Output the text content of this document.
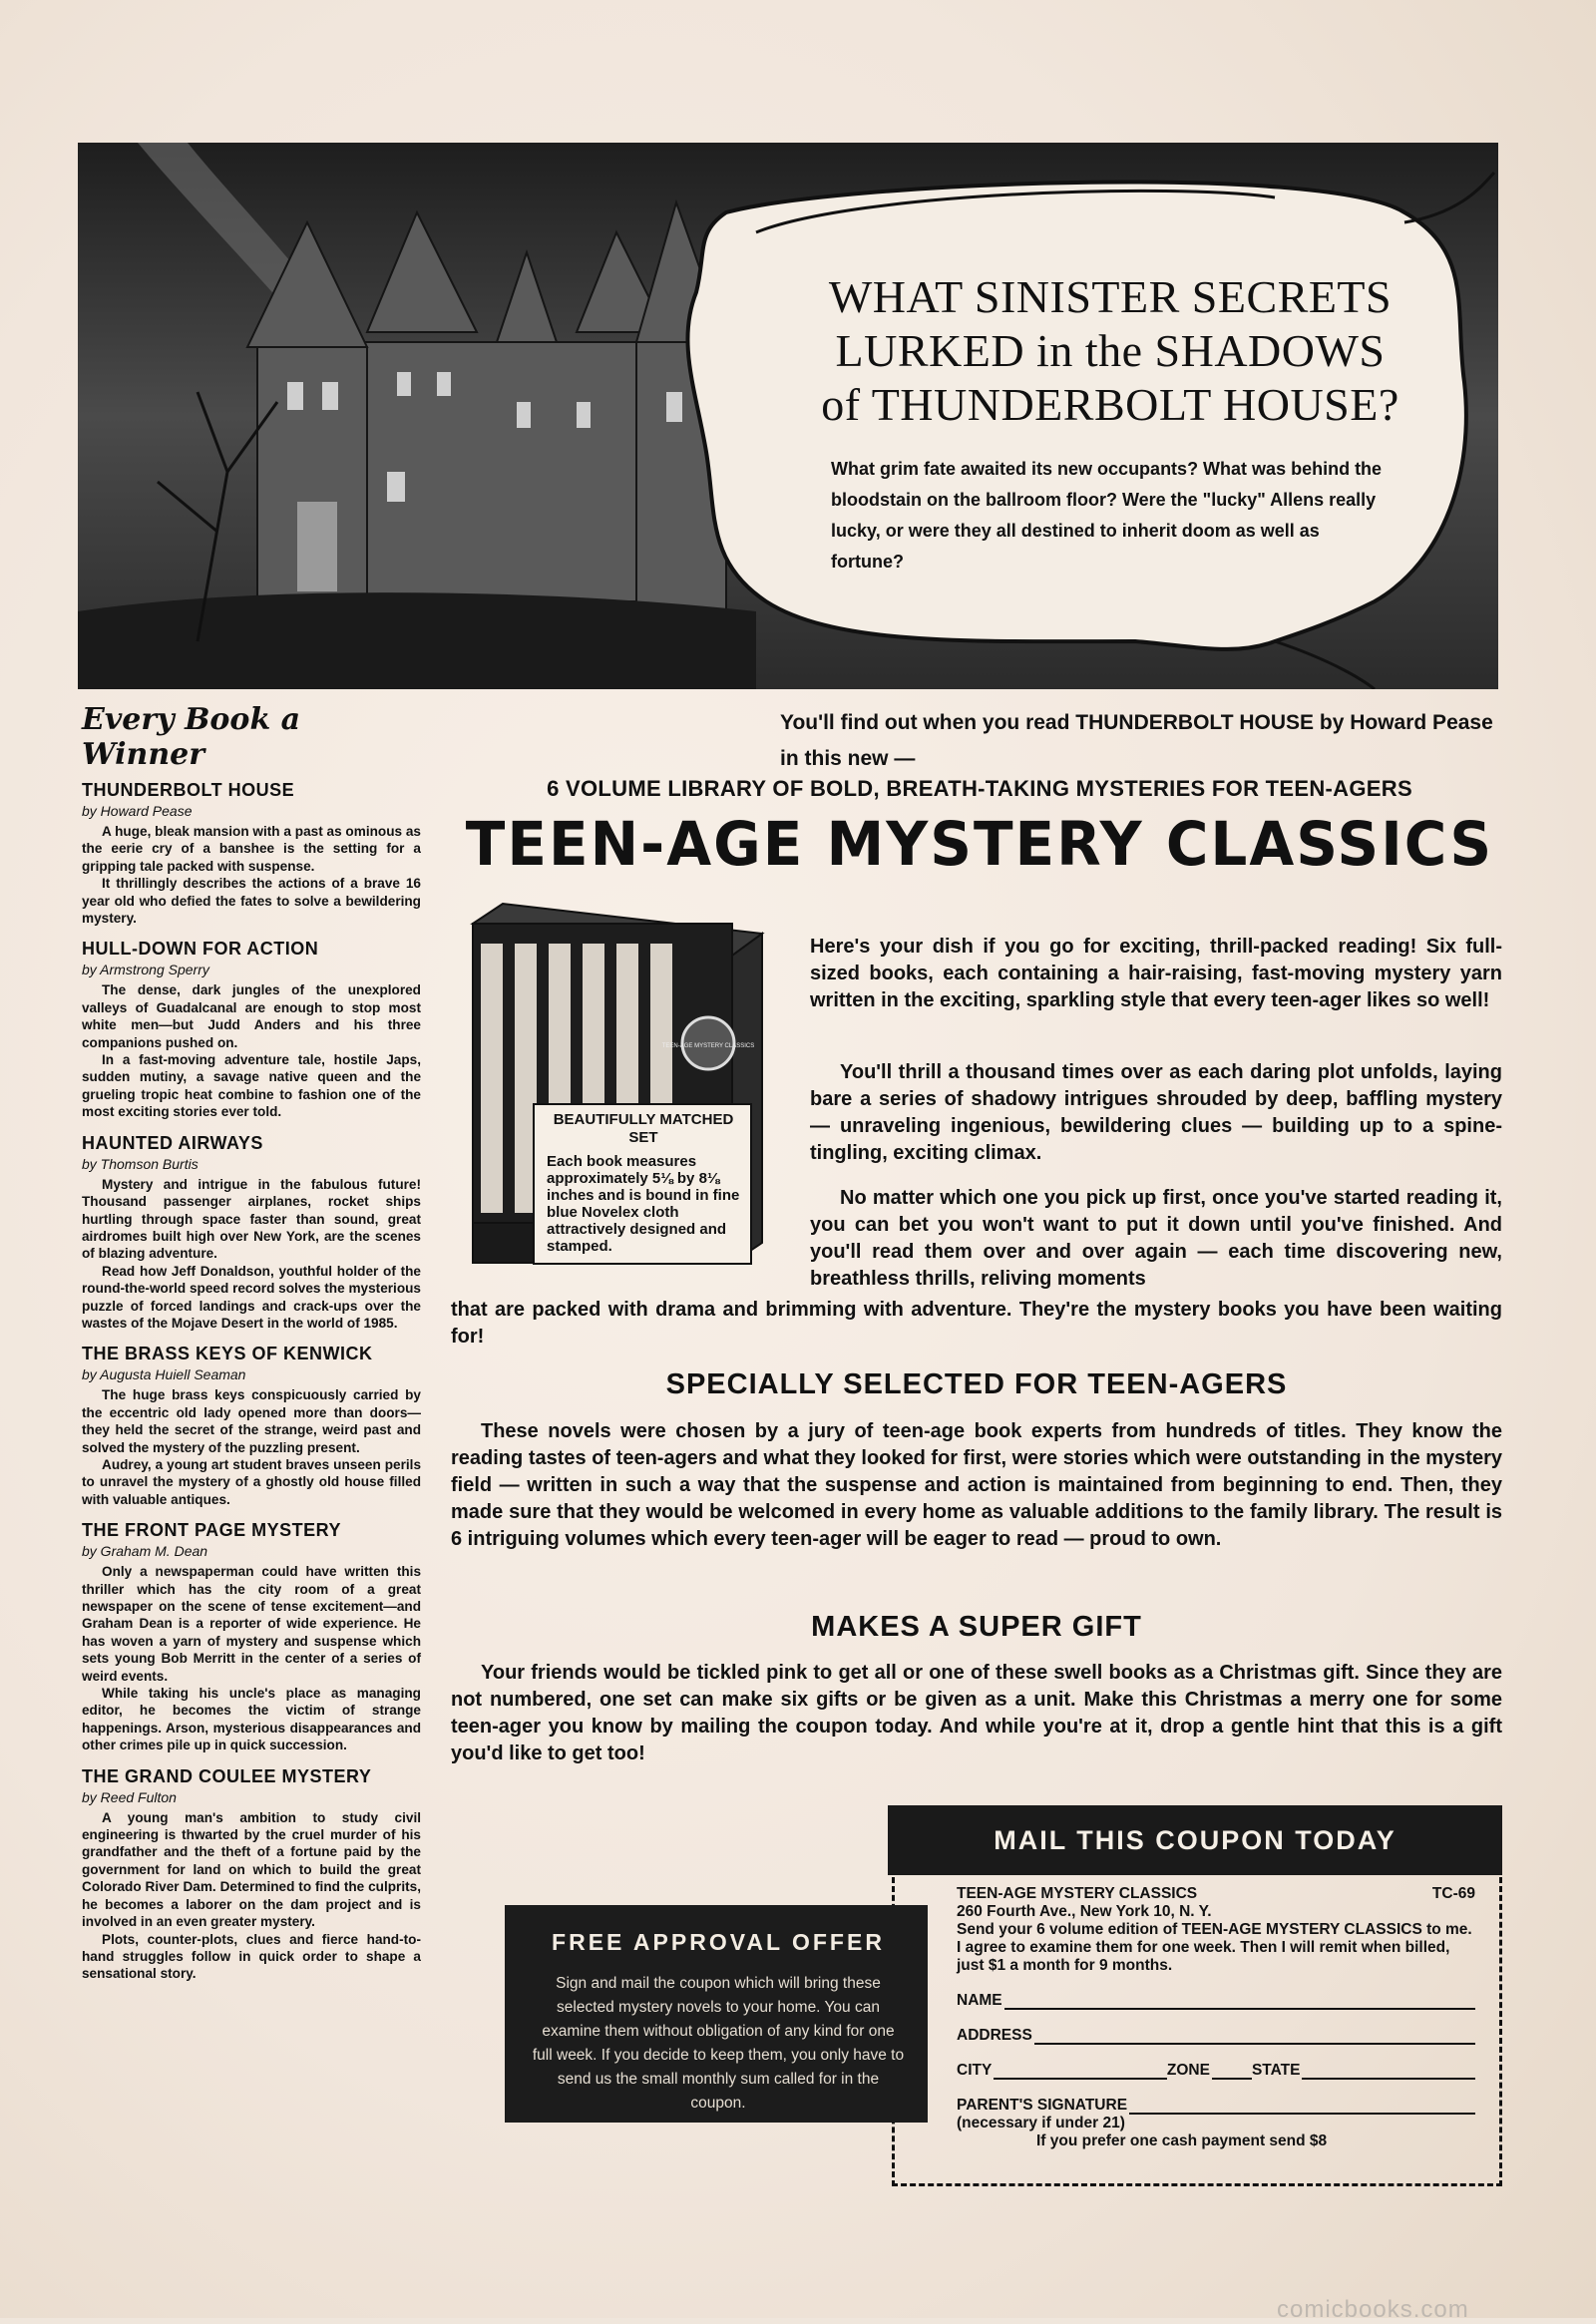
WHAT SINISTER SECRETS
LURKED in the SHADOWS
of THUNDERBOLT HOUSE?
What grim fate awaited its new occupants? What was behind the bloodstain on the ballroom floor? Were the "lucky" Allens really lucky, or were they all destined to inherit doom as well as fortune?
Every Book a Winner
THUNDERBOLT HOUSE
by Howard Pease

A huge, bleak mansion with a past as ominous as the eerie cry of a banshee is the setting for a gripping tale packed with suspense.

It thrillingly describes the actions of a brave 16 year old who defied the fates to solve a bewildering mystery.

HULL-DOWN FOR ACTION
by Armstrong Sperry

The dense, dark jungles of the unexplored valleys of Guadalcanal are enough to stop most white men—but Judd Anders and his three companions pushed on.

In a fast-moving adventure tale, hostile Japs, sudden mutiny, a savage native queen and the grueling tropic heat combine to fashion one of the most exciting stories ever told.

HAUNTED AIRWAYS
by Thomson Burtis

Mystery and intrigue in the fabulous future! Thousand passenger airplanes, rocket ships hurtling through space faster than sound, great airdromes built high over New York, are the scenes of blazing adventure.

Read how Jeff Donaldson, youthful holder of the round-the-world speed record solves the mysterious puzzle of forced landings and crack-ups over the wastes of the Mojave Desert in the world of 1985.

THE BRASS KEYS OF KENWICK
by Augusta Huiell Seaman

The huge brass keys conspicuously carried by the eccentric old lady opened more than doors—they held the secret of the strange, weird past and solved the mystery of the puzzling present.

Audrey, a young art student braves unseen perils to unravel the mystery of a ghostly old house filled with valuable antiques.

THE FRONT PAGE MYSTERY
by Graham M. Dean

Only a newspaperman could have written this thriller which has the city room of a great newspaper on the scene of tense excitement—and Graham Dean is a reporter of wide experience. He has woven a yarn of mystery and suspense which sets young Bob Merritt in the center of a series of weird events.

While taking his uncle's place as managing editor, he becomes the victim of strange happenings. Arson, mysterious disappearances and other crimes pile up in quick succession.

THE GRAND COULEE MYSTERY
by Reed Fulton

A young man's ambition to study civil engineering is thwarted by the cruel murder of his grandfather and the theft of a fortune paid by the government for land on which to build the great Colorado River Dam. Determined to find the culprits, he becomes a laborer on the dam project and is involved in an even greater mystery.

Plots, counter-plots, clues and fierce hand-to-hand struggles follow in quick order to shape a sensational story.

You'll find out when you read THUNDERBOLT HOUSE by Howard Pease in this new —
6 VOLUME LIBRARY OF BOLD, BREATH-TAKING MYSTERIES FOR TEEN-AGERS
TEEN-AGE MYSTERY CLASSICS
TEEN-AGE MYSTERY CLASSICS
BEAUTIFULLY MATCHED SET
Each book measures approximately 5⅛ by 8⅛ inches and is bound in fine blue Novelex cloth attractively designed and stamped.
Here's your dish if you go for exciting, thrill-packed reading! Six full-sized books, each containing a hair-raising, fast-moving mystery yarn written in the exciting, sparkling style that every teen-ager likes so well!
You'll thrill a thousand times over as each daring plot unfolds, laying bare a series of shadowy intrigues shrouded by deep, baffling mystery — unraveling ingenious, bewildering clues — building up to a spine-tingling, exciting climax.
No matter which one you pick up first, once you've started reading it, you can bet you won't want to put it down until you've finished. And you'll read them over and over again — each time discovering new, breathless thrills, reliving moments
that are packed with drama and brimming with adventure. They're the mystery books you have been waiting for!
SPECIALLY SELECTED FOR TEEN-AGERS
These novels were chosen by a jury of teen-age book experts from hundreds of titles. They know the reading tastes of teen-agers and what they looked for first, were stories which were outstanding in the mystery field — written in such a way that the suspense and action is maintained from beginning to end. Then, they made sure that they would be welcomed in every home as valuable additions to the family library. The result is 6 intriguing volumes which every teen-ager will be eager to read — proud to own.
MAKES A SUPER GIFT
Your friends would be tickled pink to get all or one of these swell books as a Christmas gift. Since they are not numbered, one set can make six gifts or be given as a unit. Make this Christmas a merry one for some teen-ager you know by mailing the coupon today. And while you're at it, drop a gentle hint that this is a gift you'd like to get too!
MAIL THIS COUPON TODAY
TEEN-AGE MYSTERY CLASSICS	TC-69
260 Fourth Ave., New York 10, N. Y.
Send your 6 volume edition of TEEN-AGE MYSTERY CLASSICS to me. I agree to examine them for one week. Then I will remit when billed, just $1 a month for 9 months.
NAME
ADDRESS
CITY	ZONE	STATE
PARENT'S SIGNATURE
(necessary if under 21)
If you prefer one cash payment send $8
FREE APPROVAL OFFER

Sign and mail the coupon which will bring these selected mystery novels to your home. You can examine them without obligation of any kind for one full week. If you decide to keep them, you only have to send us the small monthly sum called for in the coupon.

comicbooks.com
